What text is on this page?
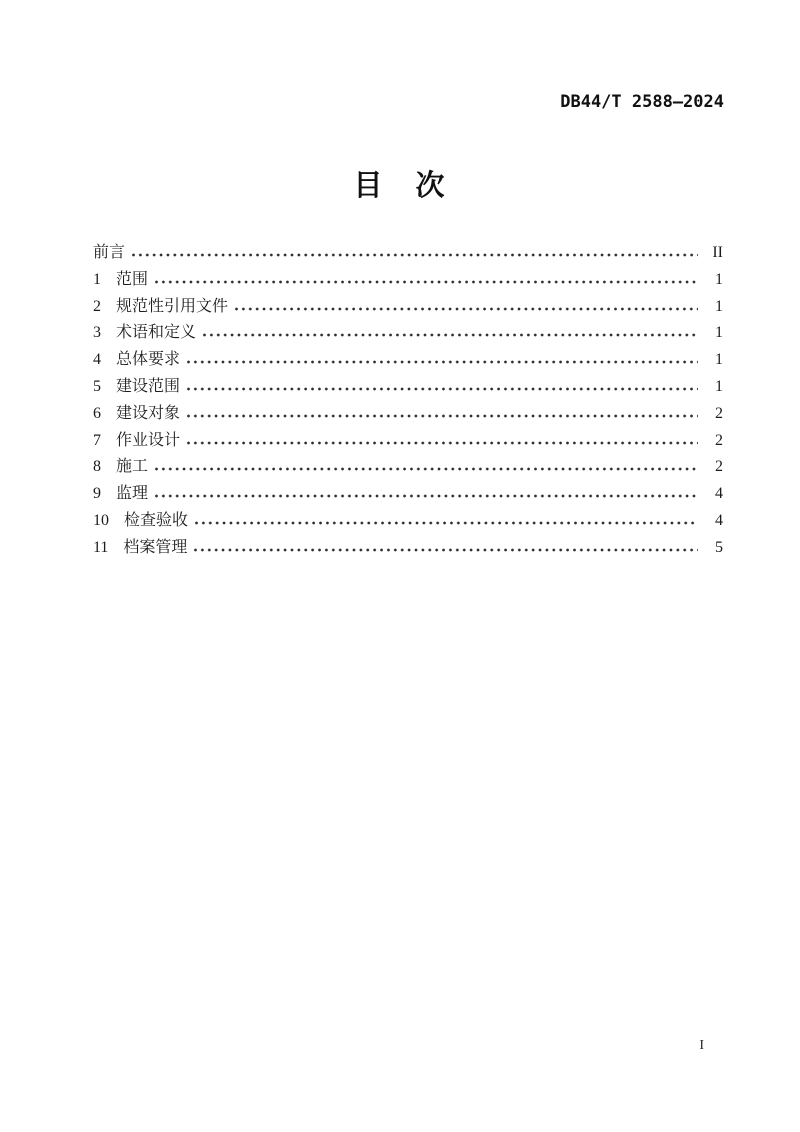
DB44/T 2588—2024
目　次
前言	II
1 范围	1
2 规范性引用文件	1
3 术语和定义	1
4 总体要求	1
5 建设范围	1
6 建设对象	2
7 作业设计	2
8 施工	2
9 监理	4
10 检查验收	4
11 档案管理	5
I
